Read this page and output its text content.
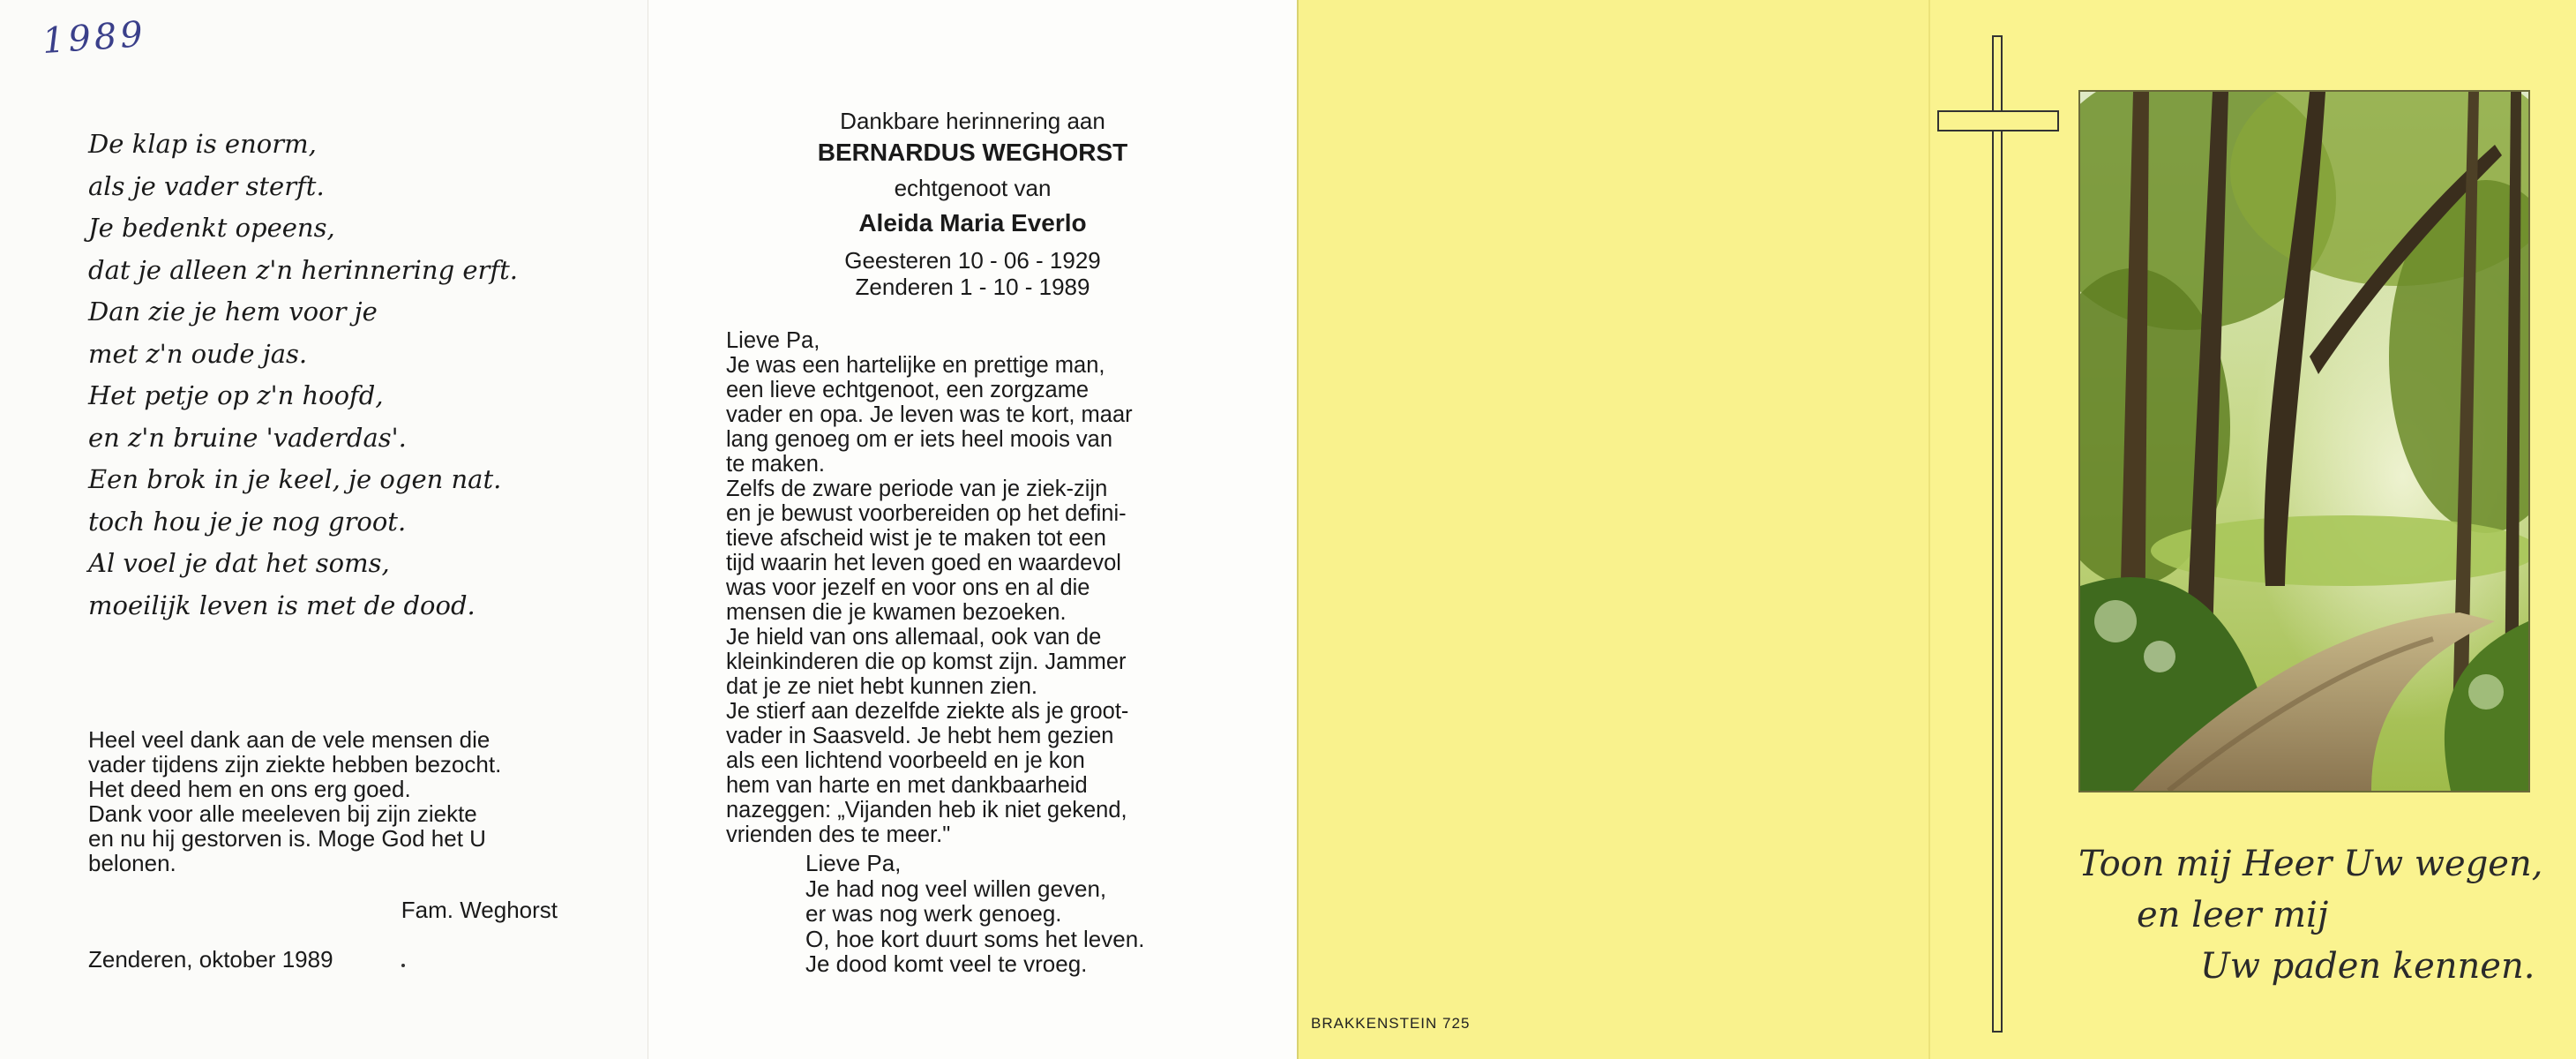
1989
De klap is enorm,
als je vader sterft.
Je bedenkt opeens,
dat je alleen z'n herinnering erft.
Dan zie je hem voor je
met z'n oude jas.
Het petje op z'n hoofd,
en z'n bruine 'vaderdas'.
Een brok in je keel, je ogen nat.
toch hou je je nog groot.
Al voel je dat het soms,
moeilijk leven is met de dood.
Heel veel dank aan de vele mensen die
vader tijdens zijn ziekte hebben bezocht.
Het deed hem en ons erg goed.
Dank voor alle meeleven bij zijn ziekte
en nu hij gestorven is. Moge God het U
belonen.
Fam. Weghorst
Zenderen, oktober 1989
Dankbare herinnering aan
BERNARDUS WEGHORST
echtgenoot van
Aleida Maria Everlo
Geesteren 10 - 06 - 1929
Zenderen 1 - 10 - 1989
Lieve Pa,
Je was een hartelijke en prettige man,
een lieve echtgenoot, een zorgzame
vader en opa. Je leven was te kort, maar
lang genoeg om er iets heel moois van
te maken.
Zelfs de zware periode van je ziek-zijn
en je bewust voorbereiden op het defini-
tieve afscheid wist je te maken tot een
tijd waarin het leven goed en waardevol
was voor jezelf en voor ons en al die
mensen die je kwamen bezoeken.
Je hield van ons allemaal, ook van de
kleinkinderen die op komst zijn. Jammer
dat je ze niet hebt kunnen zien.
Je stierf aan dezelfde ziekte als je groot-
vader in Saasveld. Je hebt hem gezien
als een lichtend voorbeeld en je kon
hem van harte en met dankbaarheid
nazeggen: „Vijanden heb ik niet gekend,
vrienden des te meer."
Lieve Pa,
Je had nog veel willen geven,
er was nog werk genoeg.
O, hoe kort duurt soms het leven.
Je dood komt veel te vroeg.
BRAKKENSTEIN 725
Toon mij Heer Uw wegen,
en leer mij
Uw paden kennen.
